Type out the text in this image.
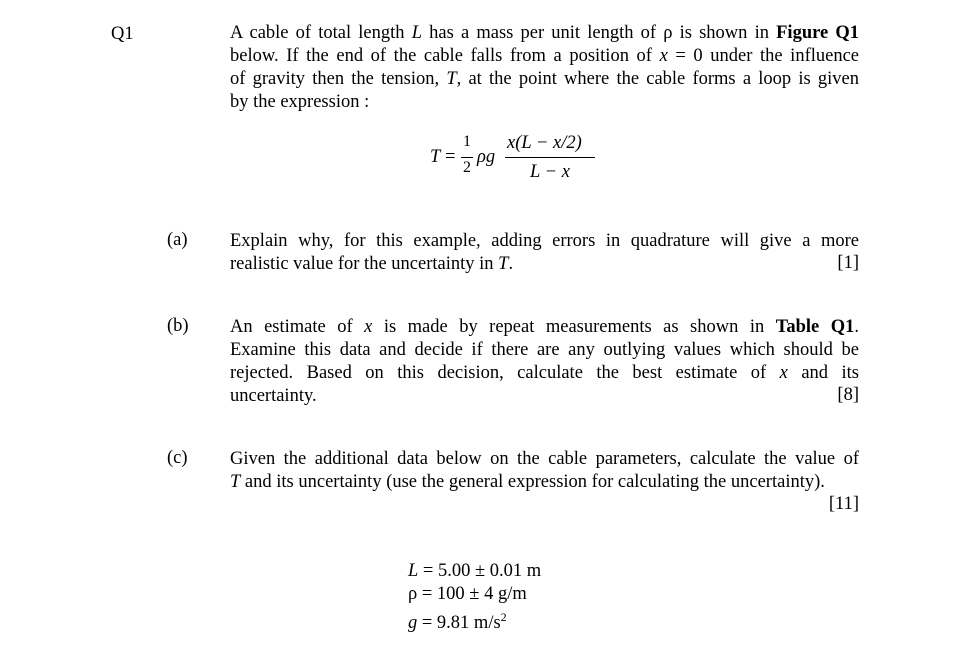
Q1	A cable of total length L has a mass per unit length of ρ is shown in Figure Q1
below. If the end of the cable falls from a position of x = 0 under the influence
of gravity then the tension, T, at the point where the cable forms a loop is given
by the expression :
T =
1
2
ρg
x(L − x/2)
L − x
(a) Explain why, for this example, adding errors in quadrature will give a more
realistic value for the uncertainty in T.	[1]
(b) An estimate of x is made by repeat measurements as shown in Table Q1.
Examine this data and decide if there are any outlying values which should be
rejected. Based on this decision, calculate the best estimate of x and its
uncertainty.	[8]
(c) Given the additional data below on the cable parameters, calculate the value of
T and its uncertainty (use the general expression for calculating the uncertainty).
[11]
L = 5.00 ± 0.01 m
ρ = 100 ± 4 g/m
g = 9.81 $m/s^2$
